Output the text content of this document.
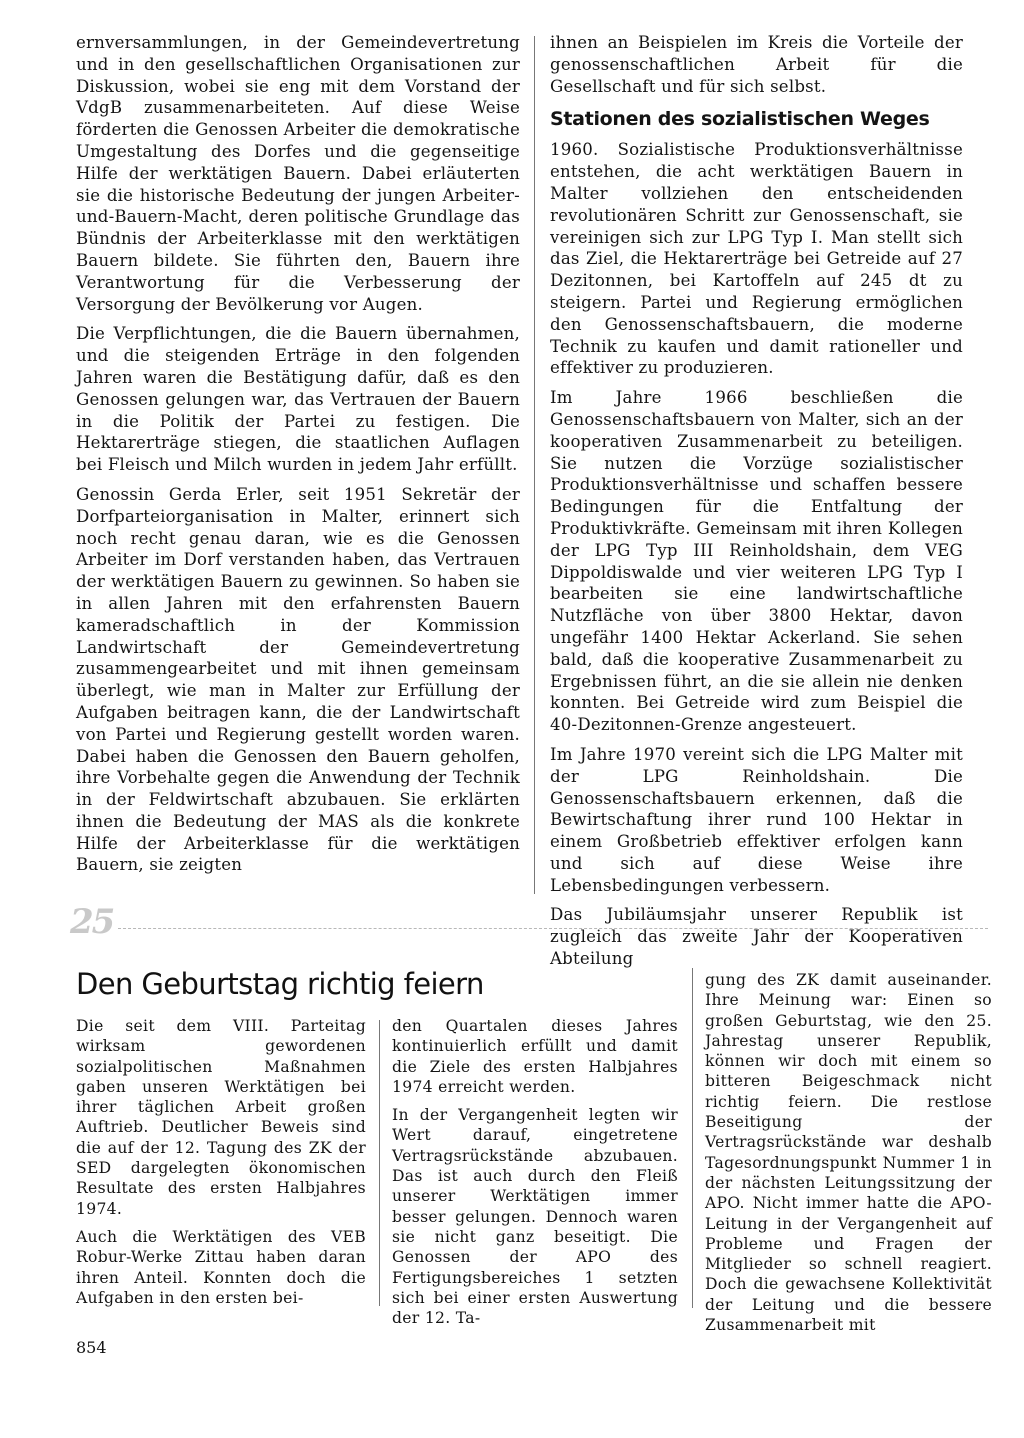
ernversammlungen, in der Gemeindevertretung und in den gesellschaftlichen Organisationen zur Diskussion, wobei sie eng mit dem Vorstand der VdgB zusammenarbeiteten. Auf diese Weise förderten die Genossen Arbeiter die demokratische Umgestaltung des Dorfes und die gegenseitige Hilfe der werktätigen Bauern. Dabei erläuterten sie die historische Bedeutung der jungen Arbeiter-und-Bauern-Macht, deren politische Grundlage das Bündnis der Arbeiterklasse mit den werktätigen Bauern bildete. Sie führten den, Bauern ihre Verantwortung für die Verbesserung der Versorgung der Bevölkerung vor Augen.

Die Verpflichtungen, die die Bauern übernahmen, und die steigenden Erträge in den folgenden Jahren waren die Bestätigung dafür, daß es den Genossen gelungen war, das Vertrauen der Bauern in die Politik der Partei zu festigen. Die Hektarerträge stiegen, die staatlichen Auflagen bei Fleisch und Milch wurden in jedem Jahr erfüllt.

Genossin Gerda Erler, seit 1951 Sekretär der Dorfparteiorganisation in Malter, erinnert sich noch recht genau daran, wie es die Genossen Arbeiter im Dorf verstanden haben, das Vertrauen der werktätigen Bauern zu gewinnen. So haben sie in allen Jahren mit den erfahrensten Bauern kameradschaftlich in der Kommission Landwirtschaft der Gemeindevertretung zusammengearbeitet und mit ihnen gemeinsam überlegt, wie man in Malter zur Erfüllung der Aufgaben beitragen kann, die der Landwirtschaft von Partei und Regierung gestellt worden waren. Dabei haben die Genossen den Bauern geholfen, ihre Vorbehalte gegen die Anwendung der Technik in der Feldwirtschaft abzubauen. Sie erklärten ihnen die Bedeutung der MAS als die konkrete Hilfe der Arbeiterklasse für die werktätigen Bauern, sie zeigten

ihnen an Beispielen im Kreis die Vorteile der genossenschaftlichen Arbeit für die Gesellschaft und für sich selbst.

Stationen des sozialistischen Weges

1960. Sozialistische Produktionsverhältnisse entstehen, die acht werktätigen Bauern in Malter vollziehen den entscheidenden revolutionären Schritt zur Genossenschaft, sie vereinigen sich zur LPG Typ I. Man stellt sich das Ziel, die Hektarerträge bei Getreide auf 27 Dezitonnen, bei Kartoffeln auf 245 dt zu steigern. Partei und Regierung ermöglichen den Genossenschaftsbauern, die moderne Technik zu kaufen und damit rationeller und effektiver zu produzieren.

Im Jahre 1966 beschließen die Genossenschaftsbauern von Malter, sich an der kooperativen Zusammenarbeit zu beteiligen. Sie nutzen die Vorzüge sozialistischer Produktionsverhältnisse und schaffen bessere Bedingungen für die Entfaltung der Produktivkräfte. Gemeinsam mit ihren Kollegen der LPG Typ III Reinholdshain, dem VEG Dippoldiswalde und vier weiteren LPG Typ I bearbeiten sie eine landwirtschaftliche Nutzfläche von über 3800 Hektar, davon ungefähr 1400 Hektar Ackerland. Sie sehen bald, daß die kooperative Zusammenarbeit zu Ergebnissen führt, an die sie allein nie denken konnten. Bei Getreide wird zum Beispiel die 40-Dezitonnen-Grenze angesteuert.

Im Jahre 1970 vereint sich die LPG Malter mit der LPG Reinholdshain. Die Genossenschaftsbauern erkennen, daß die Bewirtschaftung ihrer rund 100 Hektar in einem Großbetrieb effektiver erfolgen kann und sich auf diese Weise ihre Lebensbedingungen verbessern.

Das Jubiläumsjahr unserer Republik ist zugleich das zweite Jahr der Kooperativen Abteilung

25
Den Geburtstag richtig feiern

Die seit dem VIII. Parteitag wirksam gewordenen sozialpolitischen Maßnahmen gaben unseren Werktätigen bei ihrer täglichen Arbeit großen Auftrieb. Deutlicher Beweis sind die auf der 12. Tagung des ZK der SED dargelegten ökonomischen Resultate des ersten Halbjahres 1974.

Auch die Werktätigen des VEB Robur-Werke Zittau haben daran ihren Anteil. Konnten doch die Aufgaben in den ersten bei-

den Quartalen dieses Jahres kontinuierlich erfüllt und damit die Ziele des ersten Halbjahres 1974 erreicht werden.

In der Vergangenheit legten wir Wert darauf, eingetretene Vertragsrückstände abzubauen. Das ist auch durch den Fleiß unserer Werktätigen immer besser gelungen. Dennoch waren sie nicht ganz beseitigt. Die Genossen der APO des Fertigungsbereiches 1 setzten sich bei einer ersten Auswertung der 12. Ta-

gung des ZK damit auseinander. Ihre Meinung war: Einen so großen Geburtstag, wie den 25. Jahrestag unserer Republik, können wir doch mit einem so bitteren Beigeschmack nicht richtig feiern. Die restlose Beseitigung der Vertragsrückstände war deshalb Tagesordnungspunkt Nummer 1 in der nächsten Leitungssitzung der APO. Nicht immer hatte die APO-Leitung in der Vergangenheit auf Probleme und Fragen der Mitglieder so schnell reagiert. Doch die gewachsene Kollektivität der Leitung und die bessere Zusammenarbeit mit

854
